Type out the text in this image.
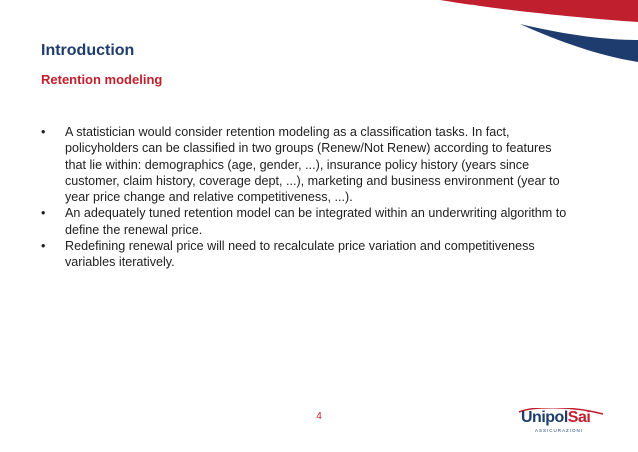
Introduction
Retention modeling
• A statistician would consider retention modeling as a classification tasks. In fact, policyholders can be classified in two groups (Renew/Not Renew) according to features that lie within: demographics (age, gender, ...), insurance policy history (years since customer, claim history, coverage dept, ...), marketing and business environment (year to year price change and relative competitiveness, ...).
• An adequately tuned retention model can be integrated within an underwriting algorithm to define the renewal price.
• Redefining renewal price will need to recalculate price variation and competitiveness variables iteratively.
4	UnipolSai
ASSICURAZIONI
